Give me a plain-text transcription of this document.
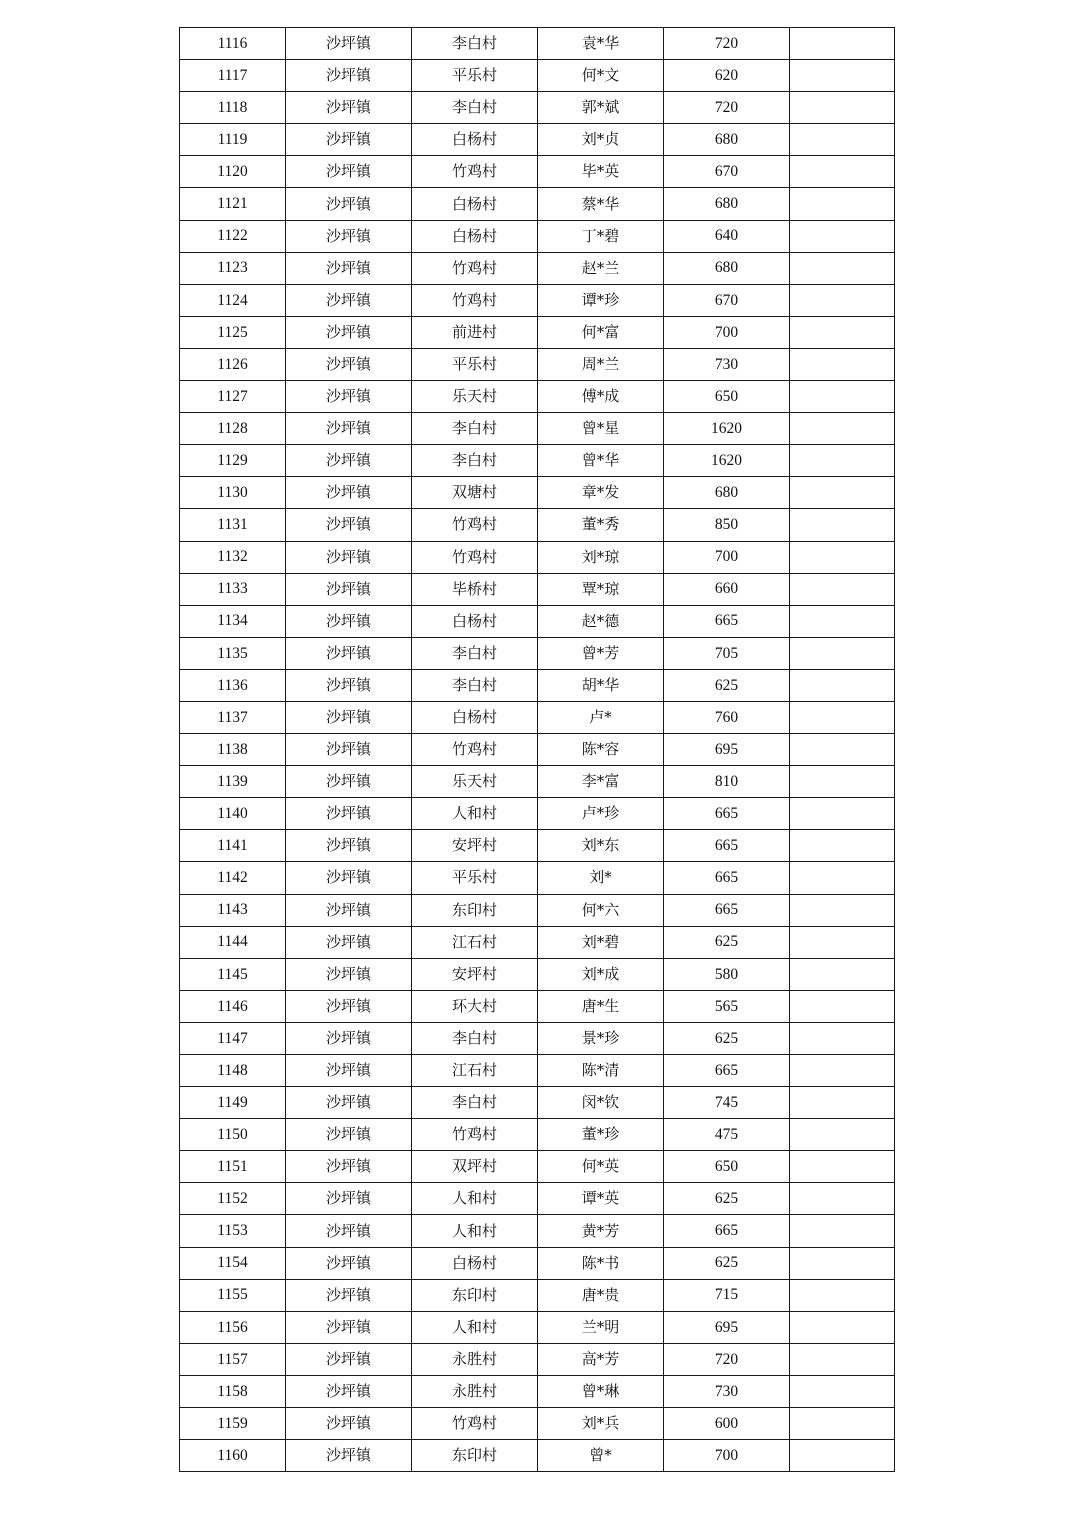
1116	沙坪镇	李白村	袁*华	720	
1117	沙坪镇	平乐村	何*文	620	
1118	沙坪镇	李白村	郭*斌	720	
1119	沙坪镇	白杨村	刘*贞	680	
1120	沙坪镇	竹鸡村	毕*英	670	
1121	沙坪镇	白杨村	蔡*华	680	
1122	沙坪镇	白杨村	丁*碧	640	
1123	沙坪镇	竹鸡村	赵*兰	680	
1124	沙坪镇	竹鸡村	谭*珍	670	
1125	沙坪镇	前进村	何*富	700	
1126	沙坪镇	平乐村	周*兰	730	
1127	沙坪镇	乐天村	傅*成	650	
1128	沙坪镇	李白村	曾*星	1620	
1129	沙坪镇	李白村	曾*华	1620	
1130	沙坪镇	双塘村	章*发	680	
1131	沙坪镇	竹鸡村	董*秀	850	
1132	沙坪镇	竹鸡村	刘*琼	700	
1133	沙坪镇	毕桥村	覃*琼	660	
1134	沙坪镇	白杨村	赵*德	665	
1135	沙坪镇	李白村	曾*芳	705	
1136	沙坪镇	李白村	胡*华	625	
1137	沙坪镇	白杨村	卢*	760	
1138	沙坪镇	竹鸡村	陈*容	695	
1139	沙坪镇	乐天村	李*富	810	
1140	沙坪镇	人和村	卢*珍	665	
1141	沙坪镇	安坪村	刘*东	665	
1142	沙坪镇	平乐村	刘*	665	
1143	沙坪镇	东印村	何*六	665	
1144	沙坪镇	江石村	刘*碧	625	
1145	沙坪镇	安坪村	刘*成	580	
1146	沙坪镇	环大村	唐*生	565	
1147	沙坪镇	李白村	景*珍	625	
1148	沙坪镇	江石村	陈*清	665	
1149	沙坪镇	李白村	闵*钦	745	
1150	沙坪镇	竹鸡村	董*珍	475	
1151	沙坪镇	双坪村	何*英	650	
1152	沙坪镇	人和村	谭*英	625	
1153	沙坪镇	人和村	黄*芳	665	
1154	沙坪镇	白杨村	陈*书	625	
1155	沙坪镇	东印村	唐*贵	715	
1156	沙坪镇	人和村	兰*明	695	
1157	沙坪镇	永胜村	高*芳	720	
1158	沙坪镇	永胜村	曾*琳	730	
1159	沙坪镇	竹鸡村	刘*兵	600	
1160	沙坪镇	东印村	曾*	700	
